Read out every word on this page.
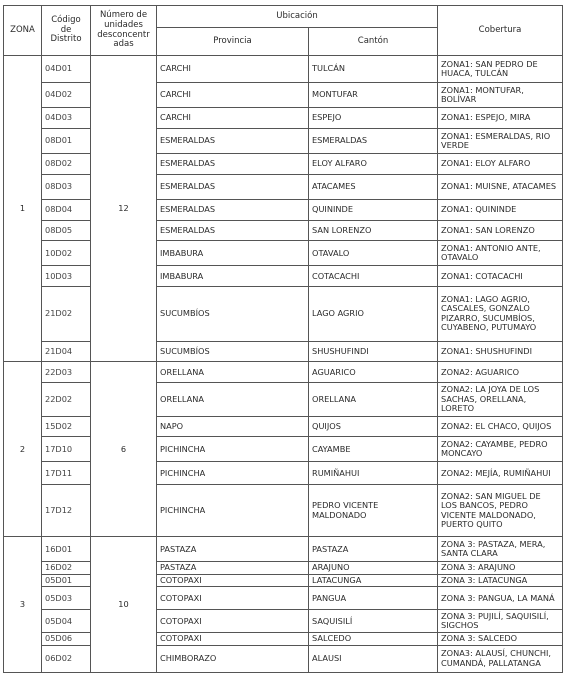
ZONA	Código de Distrito	Número de unidades desconcentr adas	Ubicación		Cobertura
			Provincia	Cantón	
1	04D01	12	CARCHI	TULCÁN	ZONA1: SAN PEDRO DE HUACA, TULCÁN
	04D02		CARCHI	MONTUFAR	ZONA1: MONTUFAR, BOLÍVAR
	04D03		CARCHI	ESPEJO	ZONA1: ESPEJO, MIRA
	08D01		ESMERALDAS	ESMERALDAS	ZONA1: ESMERALDAS, RIO VERDE
	08D02		ESMERALDAS	ELOY ALFARO	ZONA1: ELOY ALFARO
	08D03		ESMERALDAS	ATACAMES	ZONA1: MUISNE, ATACAMES
	08D04		ESMERALDAS	QUININDE	ZONA1: QUININDE
	08D05		ESMERALDAS	SAN LORENZO	ZONA1: SAN LORENZO
	10D02		IMBABURA	OTAVALO	ZONA1: ANTONIO ANTE, OTAVALO
	10D03		IMBABURA	COTACACHI	ZONA1: COTACACHI
	21D02		SUCUMBÍOS	LAGO AGRIO	ZONA1: LAGO AGRIO, CASCALES, GONZALO PIZARRO, SUCUMBÍOS, CUYABENO, PUTUMAYO
	21D04		SUCUMBÍOS	SHUSHUFINDI	ZONA1: SHUSHUFINDI
2	22D03	6	ORELLANA	AGUARICO	ZONA2: AGUARICO
	22D02		ORELLANA	ORELLANA	ZONA2: LA JOYA DE LOS SACHAS, ORELLANA, LORETO
	15D02		NAPO	QUIJOS	ZONA2: EL CHACO, QUIJOS
	17D10		PICHINCHA	CAYAMBE	ZONA2: CAYAMBE, PEDRO MONCAYO
	17D11		PICHINCHA	RUMIÑAHUI	ZONA2: MEJÍA, RUMIÑAHUI
	17D12		PICHINCHA	PEDRO VICENTE MALDONADO	ZONA2: SAN MIGUEL DE LOS BANCOS, PEDRO VICENTE MALDONADO, PUERTO QUITO
3	16D01	10	PASTAZA	PASTAZA	ZONA 3: PASTAZA, MERA, SANTA CLARA
	16D02		PASTAZA	ARAJUNO	ZONA 3: ARAJUNO
	05D01		COTOPAXI	LATACUNGA	ZONA 3: LATACUNGA
	05D03		COTOPAXI	PANGUA	ZONA 3: PANGUA, LA MANÁ
	05D04		COTOPAXI	SAQUISILÍ	ZONA 3: PUJILÍ, SAQUISILÍ, SIGCHOS
	05D06		COTOPAXI	SALCEDO	ZONA 3: SALCEDO
	06D02		CHIMBORAZO	ALAUSI	ZONA3: ALAUSÍ, CHUNCHI, CUMANDÁ, PALLATANGA
